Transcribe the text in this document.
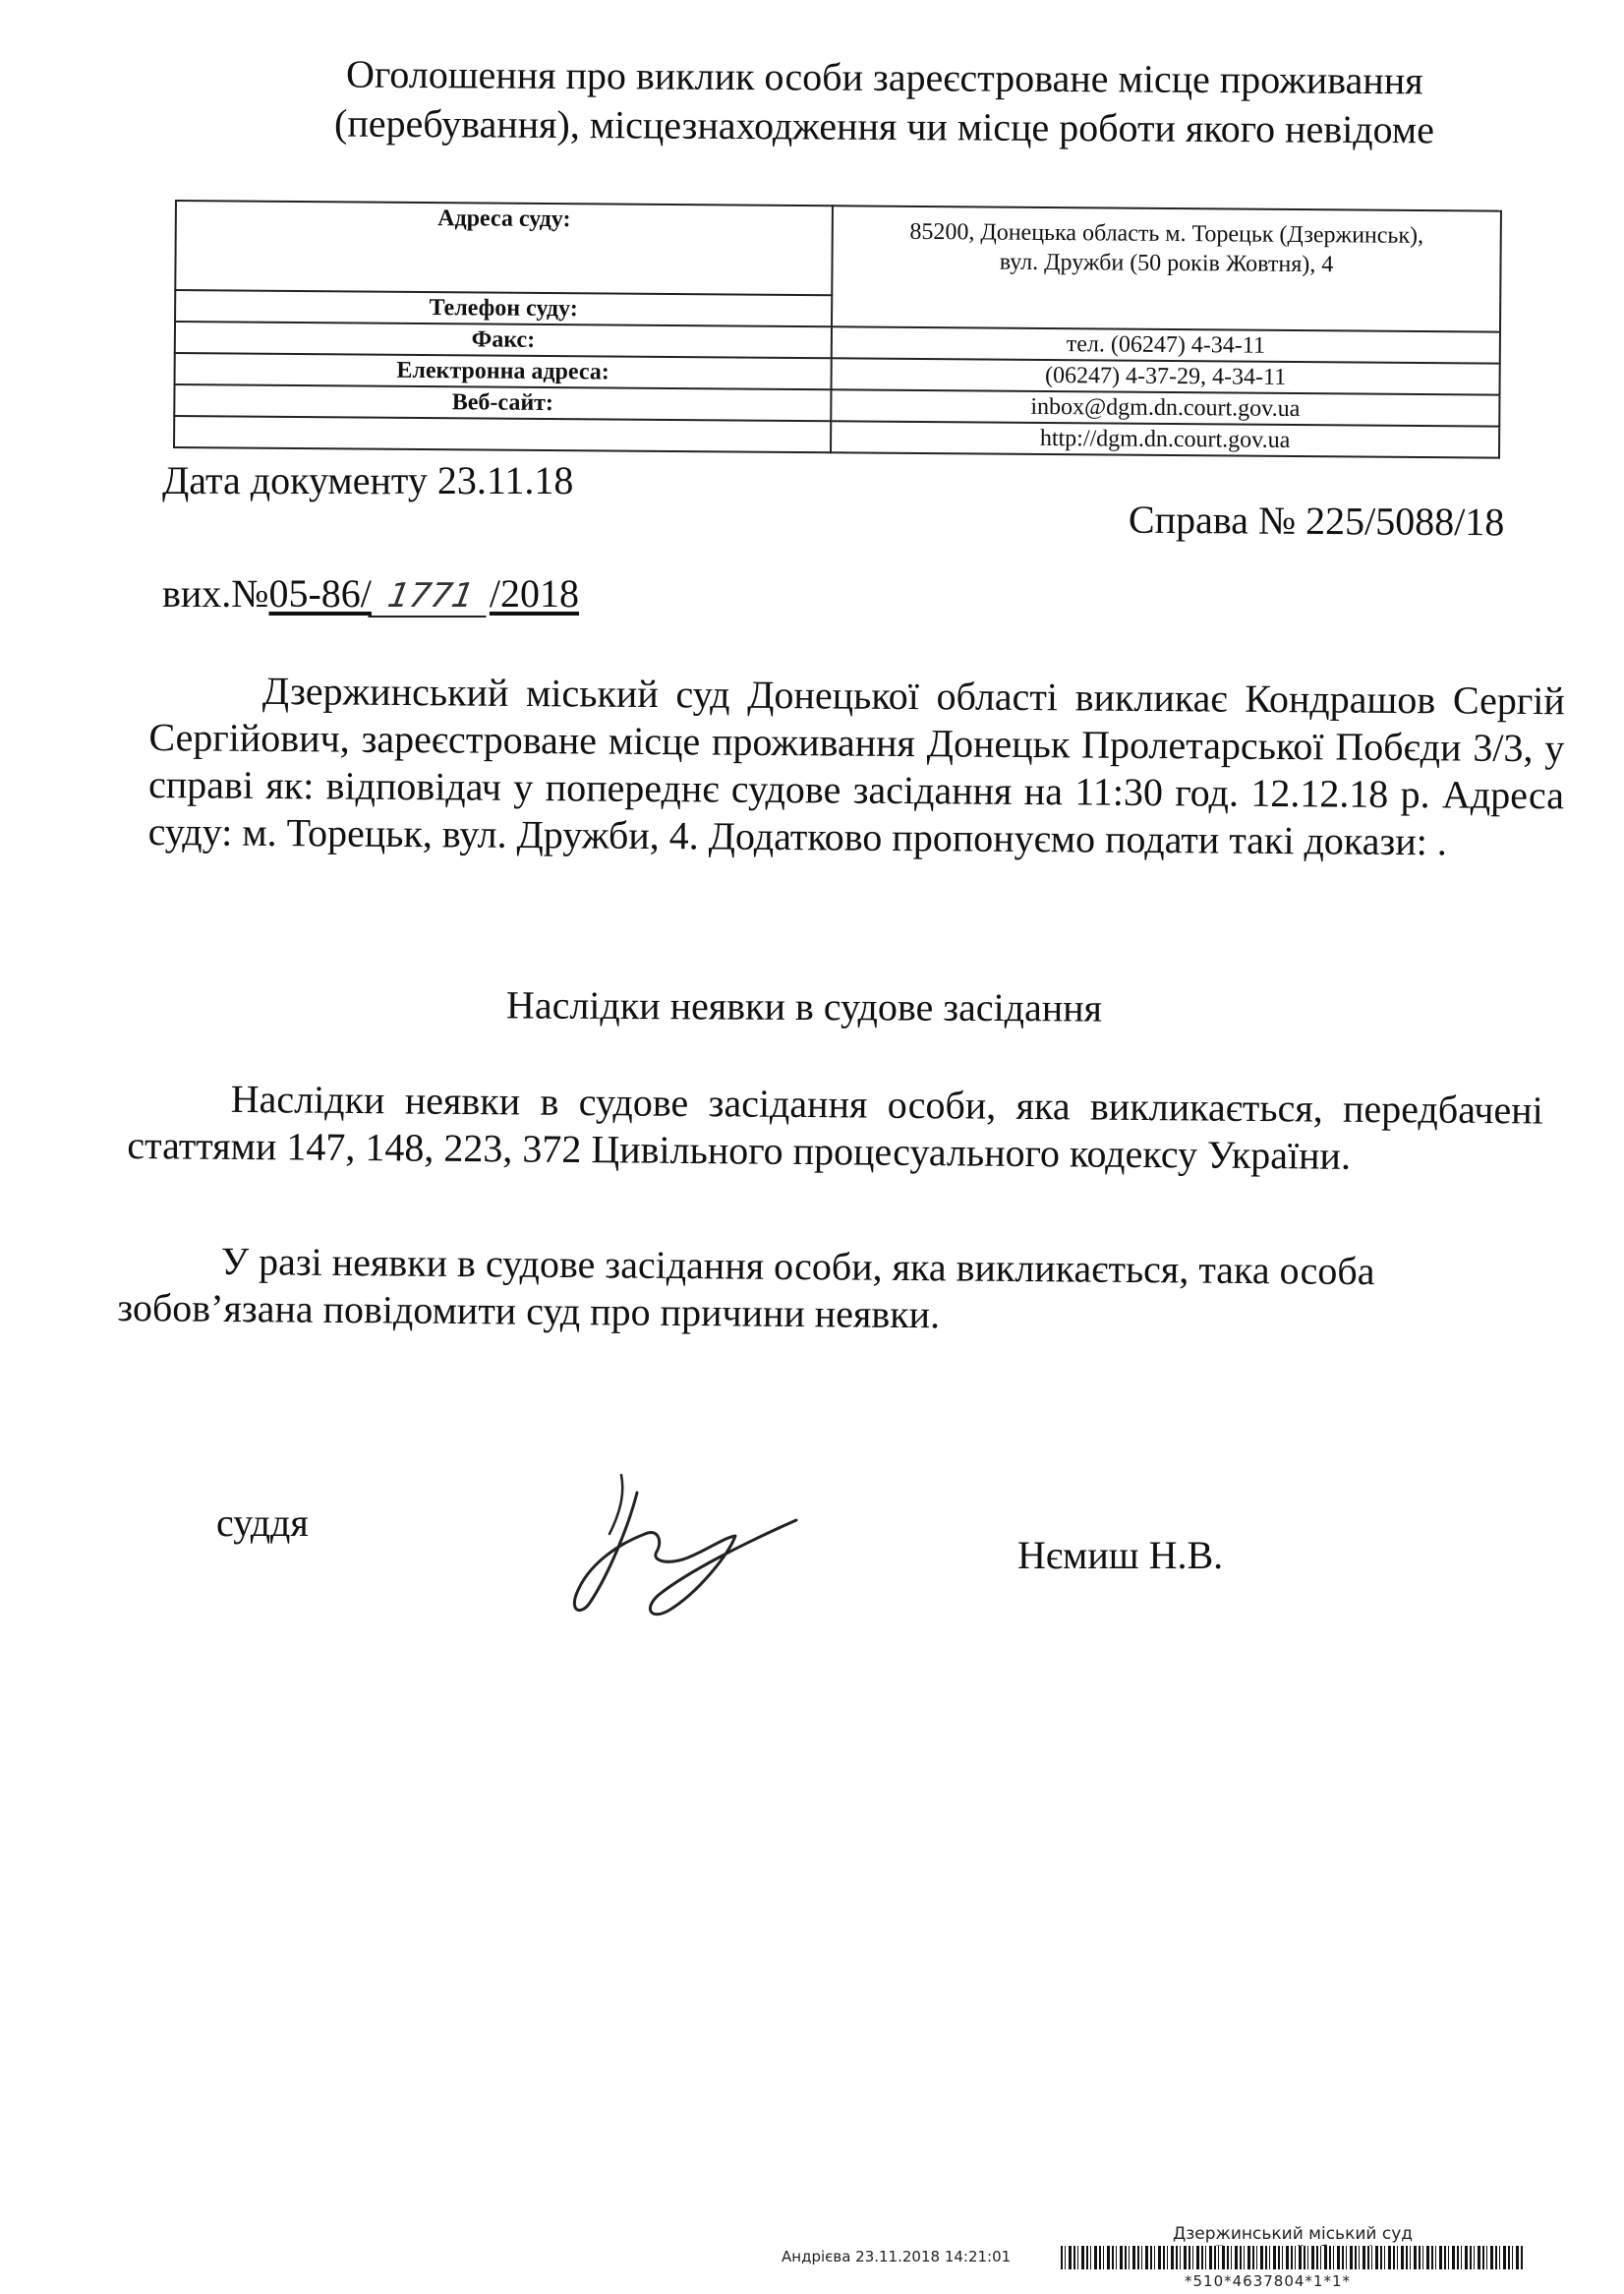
Оголошення про виклик особи зареєстроване місце проживання
(перебування), місцезнаходження чи місце роботи якого невідоме
Адреса суду:	85200, Донецька область м. Торецьк (Дзержинськ),
вул. Дружби (50 років Жовтня), 4

Телефон суду:	
Факс:	тел. (06247) 4-34-11
Електронна адреса:	(06247) 4-37-29, 4-34-11
Веб-сайт:	inbox@dgm.dn.court.gov.ua
	http://dgm.dn.court.gov.ua

Дата документу 23.11.18

Справа № 225/5088/18

вих.№05-86/ 1771 /2018

Дзержинський міський суд Донецької області викликає Кондрашов Сергій Сергійович, зареєстроване місце проживання Донецьк Пролетарської Побєди 3/3, у справі як: відповідач у попереднє судове засідання на 11:30 год. 12.12.18 р. Адреса суду: м. Торецьк, вул. Дружби, 4. Додатково пропонуємо подати такі докази: .

Наслідки неявки в судове засідання

Наслідки неявки в судове засідання особи, яка викликається, передбачені статтями 147, 148, 223, 372 Цивільного процесуального кодексу України.

У разі неявки в судове засідання особи, яка викликається, така особа зобов’язана повідомити суд про причини неявки.

суддя

Нємиш Н.В.

Дзержинський міський суд
Андрієва 23.11.2018 14:21:01
*510*4637804*1*1*
